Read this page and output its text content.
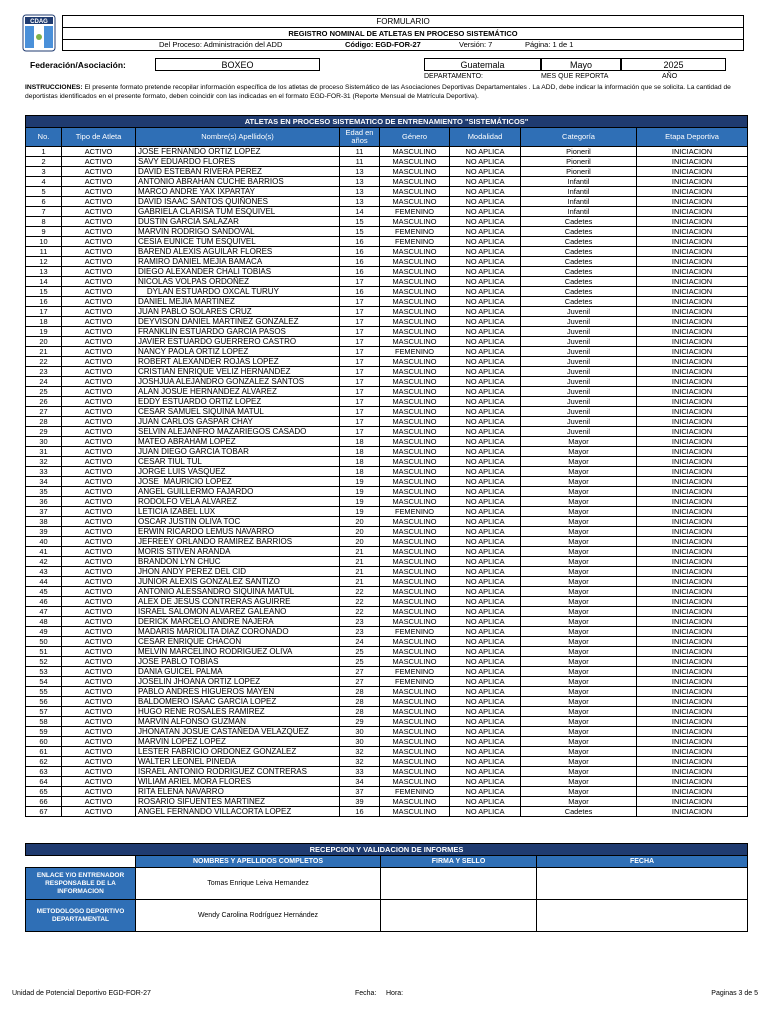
CDAG	FORMULARIO
REGISTRO NOMINAL DE ATLETAS EN PROCESO SISTEMÁTICO
Del Proceso: Administración del ADD	Código: EGD-FOR-27	Versión: 7	Página: 1 de 1
Federación/Asociación:	BOXEO	Guatemala	Mayo	2025
DEPARTAMENTO:	MES QUE REPORTA	AÑO
INSTRUCCIONES: El presente formato pretende recopilar información específica de los atletas de proceso Sistemático de las Asociaciones Deportivas Departamentales . La ADD, debe indicar la información que se solicita. La cantidad de deportistas identificados en el presente formato, deben coincidir con las indicadas en el formato EGD-FOR-31 (Reporte Mensual de Matrícula Deportiva).
ATLETAS EN PROCESO SISTEMATICO DE ENTRENAMIENTO "SISTEMÁTICOS"							
No.	Tipo de Atleta	Nombre(s) Apellido(s)	Edad en años	Género	Modalidad	Categoría	Etapa Deportiva
1	ACTIVO	JOSE FERNANDO ORTIZ LOPEZ	11	MASCULINO	NO APLICA	Pioneril	INICIACION
2	ACTIVO	SAVY EDUARDO FLORES	11	MASCULINO	NO APLICA	Pioneril	INICIACION
3	ACTIVO	DAVID ESTEBAN RIVERA PEREZ	13	MASCULINO	NO APLICA	Pioneril	INICIACION
4	ACTIVO	ANTONIO ABRAHAN CUCHE BARRIOS	13	MASCULINO	NO APLICA	Infantil	INICIACION
5	ACTIVO	MARCO ANDRE YAX IXPARTAY	13	MASCULINO	NO APLICA	Infantil	INICIACION
6	ACTIVO	DAVID ISAAC SANTOS QUIÑONES	13	MASCULINO	NO APLICA	Infantil	INICIACION
7	ACTIVO	GABRIELA CLARISA TUM ESQUIVEL	14	FEMENINO	NO APLICA	Infantil	INICIACION
8	ACTIVO	DUSTIN GARCIA SALAZAR	15	MASCULINO	NO APLICA	Cadetes	INICIACION
9	ACTIVO	MARVIN RODRIGO SANDOVAL	15	FEMENINO	NO APLICA	Cadetes	INICIACION
10	ACTIVO	CESIA EUNICE TUM ESQUIVEL	16	FEMENINO	NO APLICA	Cadetes	INICIACION
11	ACTIVO	BAREND ALEXIS AGUILAR FLORES	16	MASCULINO	NO APLICA	Cadetes	INICIACION
12	ACTIVO	RAMIRO DANIEL MEJIA BAMACA	16	MASCULINO	NO APLICA	Cadetes	INICIACION
13	ACTIVO	DIEGO ALEXANDER CHALI TOBIAS	16	MASCULINO	NO APLICA	Cadetes	INICIACION
14	ACTIVO	NICOLAS VOLPAS ORDOÑEZ	17	MASCULINO	NO APLICA	Cadetes	INICIACION
15	ACTIVO	DYLAN ESTUARDO OXCAL TURUY	16	MASCULINO	NO APLICA	Cadetes	INICIACION
16	ACTIVO	DANIEL MEJIA MARTINEZ	17	MASCULINO	NO APLICA	Cadetes	INICIACION
17	ACTIVO	JUAN PABLO SOLARES CRUZ	17	MASCULINO	NO APLICA	Juvenil	INICIACION
18	ACTIVO	DEYVISON DANIEL MARTINEZ GONZALEZ	17	MASCULINO	NO APLICA	Juvenil	INICIACION
19	ACTIVO	FRANKLIN ESTUARDO GARCIA PASOS	17	MASCULINO	NO APLICA	Juvenil	INICIACION
20	ACTIVO	JAVIER ESTUARDO GUERRERO CASTRO	17	MASCULINO	NO APLICA	Juvenil	INICIACION
21	ACTIVO	NANCY PAOLA ORTIZ LOPEZ	17	FEMENINO	NO APLICA	Juvenil	INICIACION
22	ACTIVO	ROBERT ALEXANDER ROJAS LOPEZ	17	MASCULINO	NO APLICA	Juvenil	INICIACION
23	ACTIVO	CRISTIAN ENRIQUE VELIZ HERNANDEZ	17	MASCULINO	NO APLICA	Juvenil	INICIACION
24	ACTIVO	JOSHJUA ALEJANDRO GONZALEZ SANTOS	17	MASCULINO	NO APLICA	Juvenil	INICIACION
25	ACTIVO	ALAN JOSUE HERNANDEZ ALVAREZ	17	MASCULINO	NO APLICA	Juvenil	INICIACION
26	ACTIVO	EDDY ESTUARDO ORTIZ LOPEZ	17	MASCULINO	NO APLICA	Juvenil	INICIACION
27	ACTIVO	CESAR SAMUEL SIQUINA MATUL	17	MASCULINO	NO APLICA	Juvenil	INICIACION
28	ACTIVO	JUAN CARLOS GASPAR CHAY	17	MASCULINO	NO APLICA	Juvenil	INICIACION
29	ACTIVO	SELVIN ALEJANFRO MAZARIEGOS CASADO	17	MASCULINO	NO APLICA	Juvenil	INICIACION
30	ACTIVO	MATEO ABRAHAM LOPEZ	18	MASCULINO	NO APLICA	Mayor	INICIACION
31	ACTIVO	JUAN DIEGO GARCIA TOBAR	18	MASCULINO	NO APLICA	Mayor	INICIACION
32	ACTIVO	CESAR TIUL TUL	18	MASCULINO	NO APLICA	Mayor	INICIACION
33	ACTIVO	JORGE LUIS VASQUEZ	18	MASCULINO	NO APLICA	Mayor	INICIACION
34	ACTIVO	JOSE  MAURICIO LOPEZ	19	MASCULINO	NO APLICA	Mayor	INICIACION
35	ACTIVO	ANGEL GUILLERMO FAJARDO	19	MASCULINO	NO APLICA	Mayor	INICIACION
36	ACTIVO	RODOLFO VELA ALVAREZ	19	MASCULINO	NO APLICA	Mayor	INICIACION
37	ACTIVO	LETICIA IZABEL LUX	19	FEMENINO	NO APLICA	Mayor	INICIACION
38	ACTIVO	OSCAR JUSTIN OLIVA TOC	20	MASCULINO	NO APLICA	Mayor	INICIACION
39	ACTIVO	ERWIN RICARDO LEMUS NAVARRO	20	MASCULINO	NO APLICA	Mayor	INICIACION
40	ACTIVO	JEFREEY ORLANDO RAMIREZ BARRIOS	20	MASCULINO	NO APLICA	Mayor	INICIACION
41	ACTIVO	MORIS STIVEN ARANDA	21	MASCULINO	NO APLICA	Mayor	INICIACION
42	ACTIVO	BRANDON LYN CHUC	21	MASCULINO	NO APLICA	Mayor	INICIACION
43	ACTIVO	JHON ANDY PEREZ DEL CID	21	MASCULINO	NO APLICA	Mayor	INICIACION
44	ACTIVO	JUNIOR ALEXIS GONZALEZ SANTIZO	21	MASCULINO	NO APLICA	Mayor	INICIACION
45	ACTIVO	ANTONIO ALESSANDRO SIQUINA MATUL	22	MASCULINO	NO APLICA	Mayor	INICIACION
46	ACTIVO	ALEX DE JESUS CONTRERAS AGUIRRE	22	MASCULINO	NO APLICA	Mayor	INICIACION
47	ACTIVO	ISRAEL SALOMON ALVAREZ GALEANO	22	MASCULINO	NO APLICA	Mayor	INICIACION
48	ACTIVO	DERICK MARCELO ANDRE NAJERA	23	MASCULINO	NO APLICA	Mayor	INICIACION
49	ACTIVO	MADARIS MARIOLITA DIAZ CORONADO	23	FEMENINO	NO APLICA	Mayor	INICIACION
50	ACTIVO	CESAR ENRIQUE CHACON	24	MASCULINO	NO APLICA	Mayor	INICIACION
51	ACTIVO	MELVIN MARCELINO RODRIGUEZ OLIVA	25	MASCULINO	NO APLICA	Mayor	INICIACION
52	ACTIVO	JOSE PABLO TOBIAS	25	MASCULINO	NO APLICA	Mayor	INICIACION
53	ACTIVO	DANIA GUICEL PALMA	27	FEMENINO	NO APLICA	Mayor	INICIACION
54	ACTIVO	JOSELIN JHOANA ORTIZ LOPEZ	27	FEMENINO	NO APLICA	Mayor	INICIACION
55	ACTIVO	PABLO ANDRES HIGUEROS MAYEN	28	MASCULINO	NO APLICA	Mayor	INICIACION
56	ACTIVO	BALDOMERO ISAAC GARCIA LOPEZ	28	MASCULINO	NO APLICA	Mayor	INICIACION
57	ACTIVO	HUGO RENE ROSALES RAMIREZ	28	MASCULINO	NO APLICA	Mayor	INICIACION
58	ACTIVO	MARVIN ALFONSO GUZMAN	29	MASCULINO	NO APLICA	Mayor	INICIACION
59	ACTIVO	JHONATAN JOSUE CASTAÑEDA VELAZQUEZ	30	MASCULINO	NO APLICA	Mayor	INICIACION
60	ACTIVO	MARVIN LOPEZ LOPEZ	30	MASCULINO	NO APLICA	Mayor	INICIACION
61	ACTIVO	LESTER FABRICIO ORDONEZ GONZALEZ	32	MASCULINO	NO APLICA	Mayor	INICIACION
62	ACTIVO	WALTER LEONEL PINEDA	32	MASCULINO	NO APLICA	Mayor	INICIACION
63	ACTIVO	ISRAEL ANTONIO RODRIGUEZ CONTRERAS	33	MASCULINO	NO APLICA	Mayor	INICIACION
64	ACTIVO	WILIAM ARIEL MORA FLORES	34	MASCULINO	NO APLICA	Mayor	INICIACION
65	ACTIVO	RITA ELENA NAVARRO	37	FEMENINO	NO APLICA	Mayor	INICIACION
66	ACTIVO	ROSARIO SIFUENTES MARTINEZ	39	MASCULINO	NO APLICA	Mayor	INICIACION
67	ACTIVO	ANGEL FERNANDO VILLACORTA LOPEZ	16	MASCULINO	NO APLICA	Cadetes	INICIACION
RECEPCION Y VALIDACION DE INFORMES			
	NOMBRES Y APELLIDOS COMPLETOS	FIRMA Y SELLO	FECHA
ENLACE Y/O ENTRENADOR RESPONSABLE DE LA INFORMACION	Tomas Enrique Leiva Hernandez		
METODOLOGO DEPORTIVO DEPARTAMENTAL	Wendy Carolina Rodríguez Hernández		
Unidad de Potencial Deportivo EGD-FOR-27	Fecha: Hora:	Paginas 3 de 5
